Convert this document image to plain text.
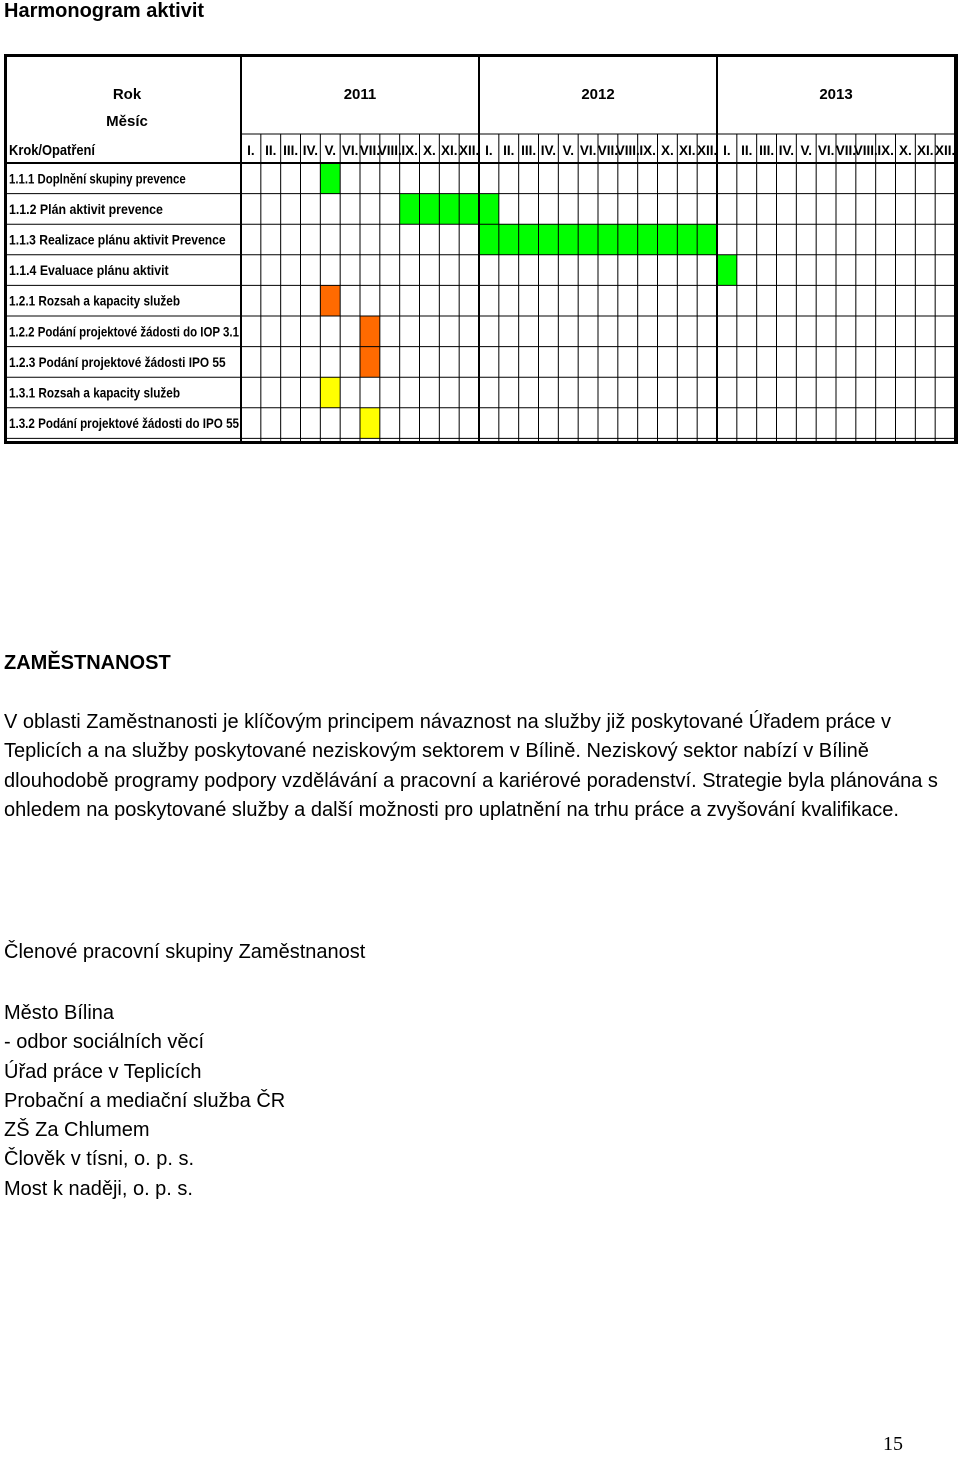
Harmonogram aktivit
Rok
Měsíc
Krok/Opatření
2011	2012	2013
I. II. III. IV. V. VI. VII.
VIII. IX. X. XI. XII. I. II. III. IV. V. VI. VII.
VIII. IX. X. XI. XII. I. II. III. IV. V. VI. VII.
VIII. IX. X. XI. XII.
1.1.1 Doplnění skupiny prevence
1.1.2 Plán aktivit prevence
1.1.3 Realizace plánu aktivit Prevence
1.1.4 Evaluace plánu aktivit
1.2.1 Rozsah a kapacity služeb
1.2.2 Podání projektové žádosti do IOP 3.1
1.2.3 Podání projektové žádosti IPO 55
1.3.1 Rozsah a kapacity služeb
1.3.2 Podání projektové žádosti do IPO 55
ZAMĚSTNANOST
V oblasti Zaměstnanosti je klíčovým principem návaznost na služby již poskytované Úřadem práce v Teplicích a na služby poskytované neziskovým sektorem v Bílině. Neziskový sektor nabízí v Bílině dlouhodobě programy podpory vzdělávání a pracovní a kariérové poradenství. Strategie byla plánována s ohledem na poskytované služby a další možnosti pro uplatnění na trhu práce a zvyšování kvalifikace.
Členové pracovní skupiny Zaměstnanost
Město Bílina
- odbor sociálních věcí
Úřad práce v Teplicích
Probační a mediační služba ČR
ZŠ Za Chlumem
Člověk v tísni, o. p. s.
Most k naději, o. p. s.
15
